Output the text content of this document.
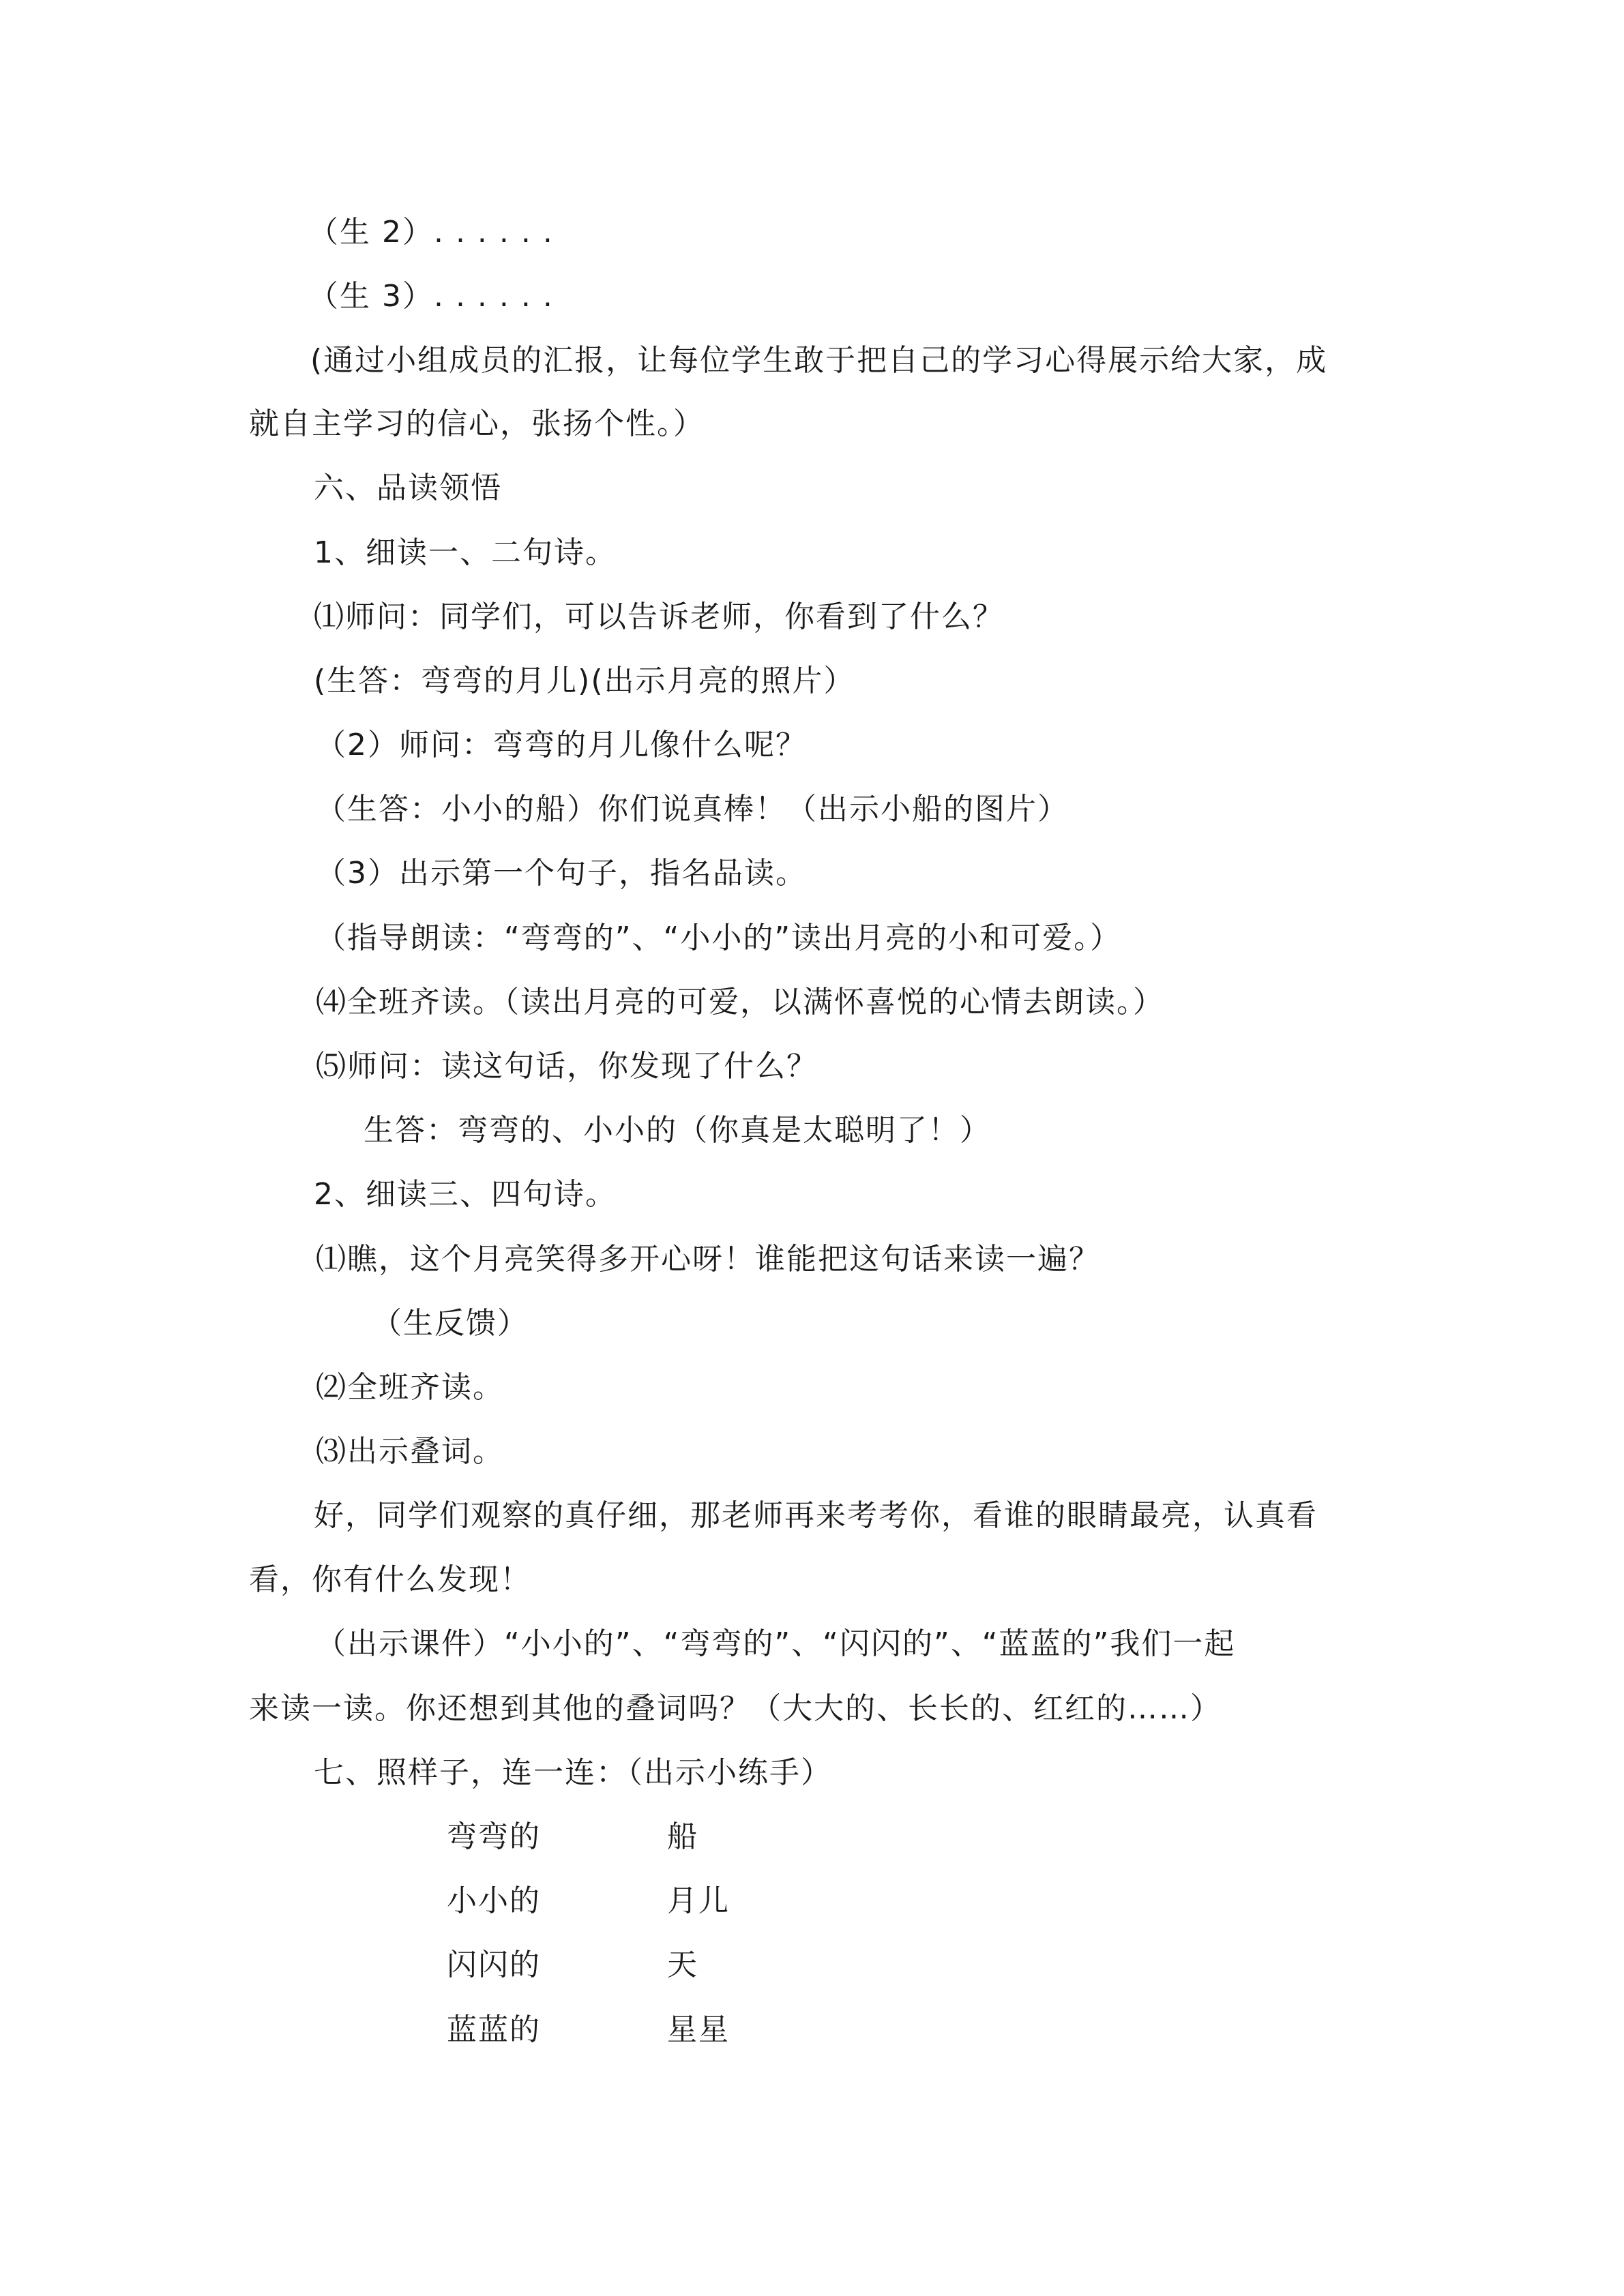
（生 2）. . . . . .
（生 3）. . . . . .
(通过小组成员的汇报，让每位学生敢于把自己的学习心得展示给大家，成
就自主学习的信心，张扬个性。）
六、品读领悟
1、细读一、二句诗。
⑴师问：同学们，可以告诉老师，你看到了什么？
(生答：弯弯的月儿)(出示月亮的照片）
（2）师问：弯弯的月儿像什么呢？
（生答：小小的船）你们说真棒！（出示小船的图片）
（3）出示第一个句子，指名品读。
（指导朗读：“弯弯的”、“小小的”读出月亮的小和可爱。）
⑷全班齐读。（读出月亮的可爱，以满怀喜悦的心情去朗读。）
⑸师问：读这句话，你发现了什么？
生答：弯弯的、小小的（你真是太聪明了！）
2、细读三、四句诗。
⑴瞧，这个月亮笑得多开心呀！谁能把这句话来读一遍？
（生反馈）
⑵全班齐读。
⑶出示叠词。
好，同学们观察的真仔细，那老师再来考考你，看谁的眼睛最亮，认真看
看，你有什么发现！
（出示课件）“小小的”、“弯弯的”、“闪闪的”、“蓝蓝的”我们一起
来读一读。你还想到其他的叠词吗？（大大的、长长的、红红的……）
七、照样子，连一连：（出示小练手）
弯弯的	船
小小的	月儿
闪闪的	天
蓝蓝的	星星
